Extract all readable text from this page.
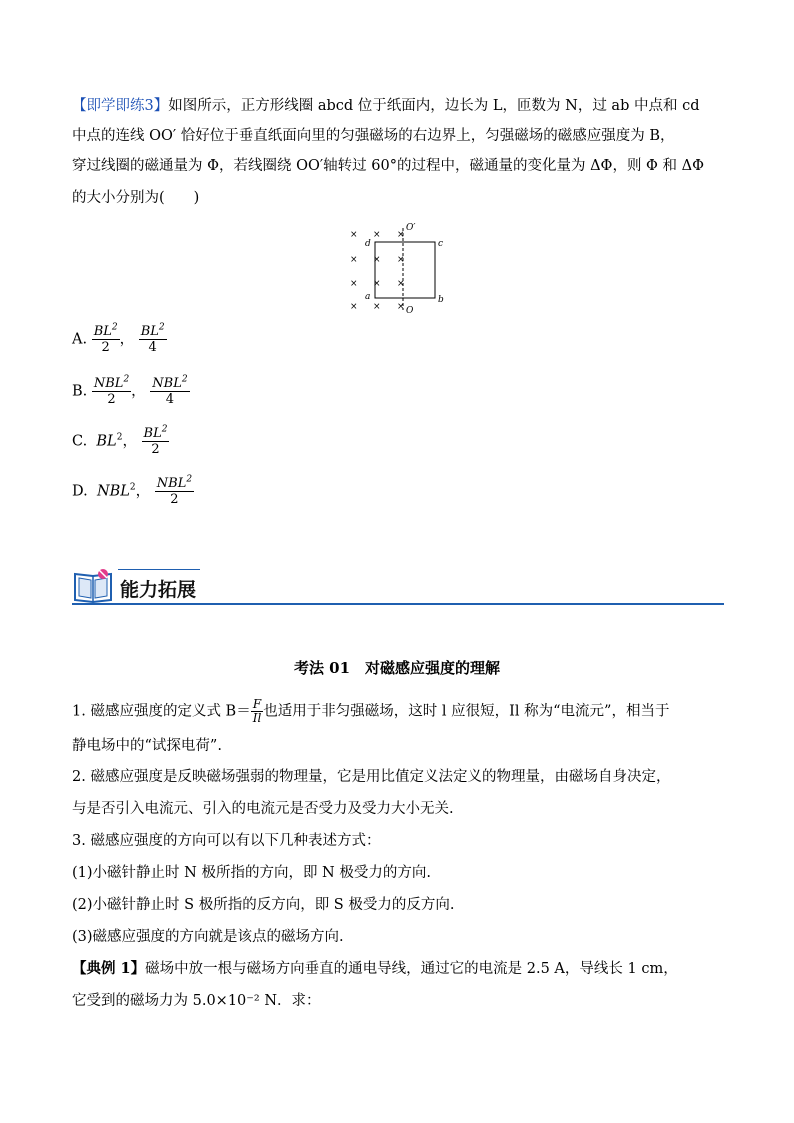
【即学即练3】如图所示，正方形线圈 abcd 位于纸面内，边长为 L，匝数为 N，过 ab 中点和 cd
中点的连线 OO′ 恰好位于垂直纸面向里的匀强磁场的右边界上，匀强磁场的磁感应强度为 B，
穿过线圈的磁通量为 Φ，若线圈绕 OO′轴转过 60°的过程中，磁通量的变化量为 ΔΦ，则 Φ 和 ΔΦ
的大小分别为(　　)
× × ×
× × ×
× × ×
× × ×
d	c
a	b
O′
O
A. $\frac{BL^2}{2}$ ， $\frac{BL^2}{4}$
B. $\frac{NBL^2}{2}$ ， $\frac{NBL^2}{4}$
C. $BL^2$， $\frac{BL^2}{2}$
D. NBL$^2$， $\frac{NBL^2}{2}$
能力拓展
考法 01　对磁感应强度的理解
1. 磁感应强度的定义式 $B= \frac{F}{Il}$ 也适用于非匀强磁场，这时 l 应很短，Il 称为“电流元”，相当于
静电场中的“试探电荷”.
2. 磁感应强度是反映磁场强弱的物理量，它是用比值定义法定义的物理量，由磁场自身决定，
与是否引入电流元、引入的电流元是否受力及受力大小无关.
3. 磁感应强度的方向可以有以下几种表述方式：
(1)小磁针静止时 N 极所指的方向，即 N 极受力的方向.
(2)小磁针静止时 S 极所指的反方向，即 S 极受力的反方向.
(3)磁感应强度的方向就是该点的磁场方向.
【典例 1】磁场中放一根与磁场方向垂直的通电导线，通过它的电流是 2.5 A，导线长 1 cm，
它受到的磁场力为 5.0×10⁻² N．求：
